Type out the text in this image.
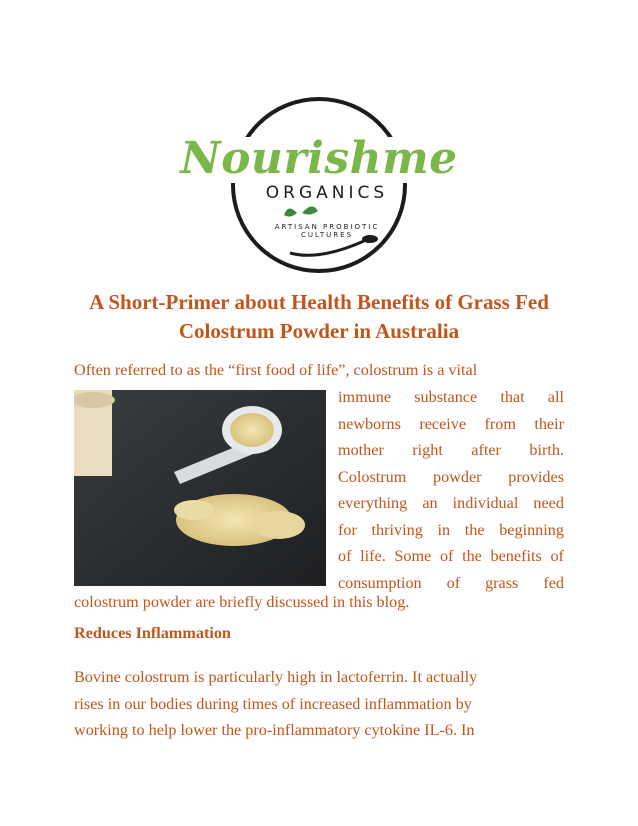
Nourishme
ORGANICS
ARTISAN PROBIOTIC CULTURES
A Short-Primer about Health Benefits of Grass Fed
Colostrum Powder in Australia
Often referred to as the “first food of life”, colostrum is a vital
immune substance that all
newborns receive from their
mother right after birth.
Colostrum powder provides
everything an individual need
for thriving in the beginning
of life. Some of the benefits of
consumption of grass fed
colostrum powder are briefly discussed in this blog.
Reduces Inflammation
Bovine colostrum is particularly high in lactoferrin. It actually
rises in our bodies during times of increased inflammation by
working to help lower the pro-inflammatory cytokine IL-6. In
